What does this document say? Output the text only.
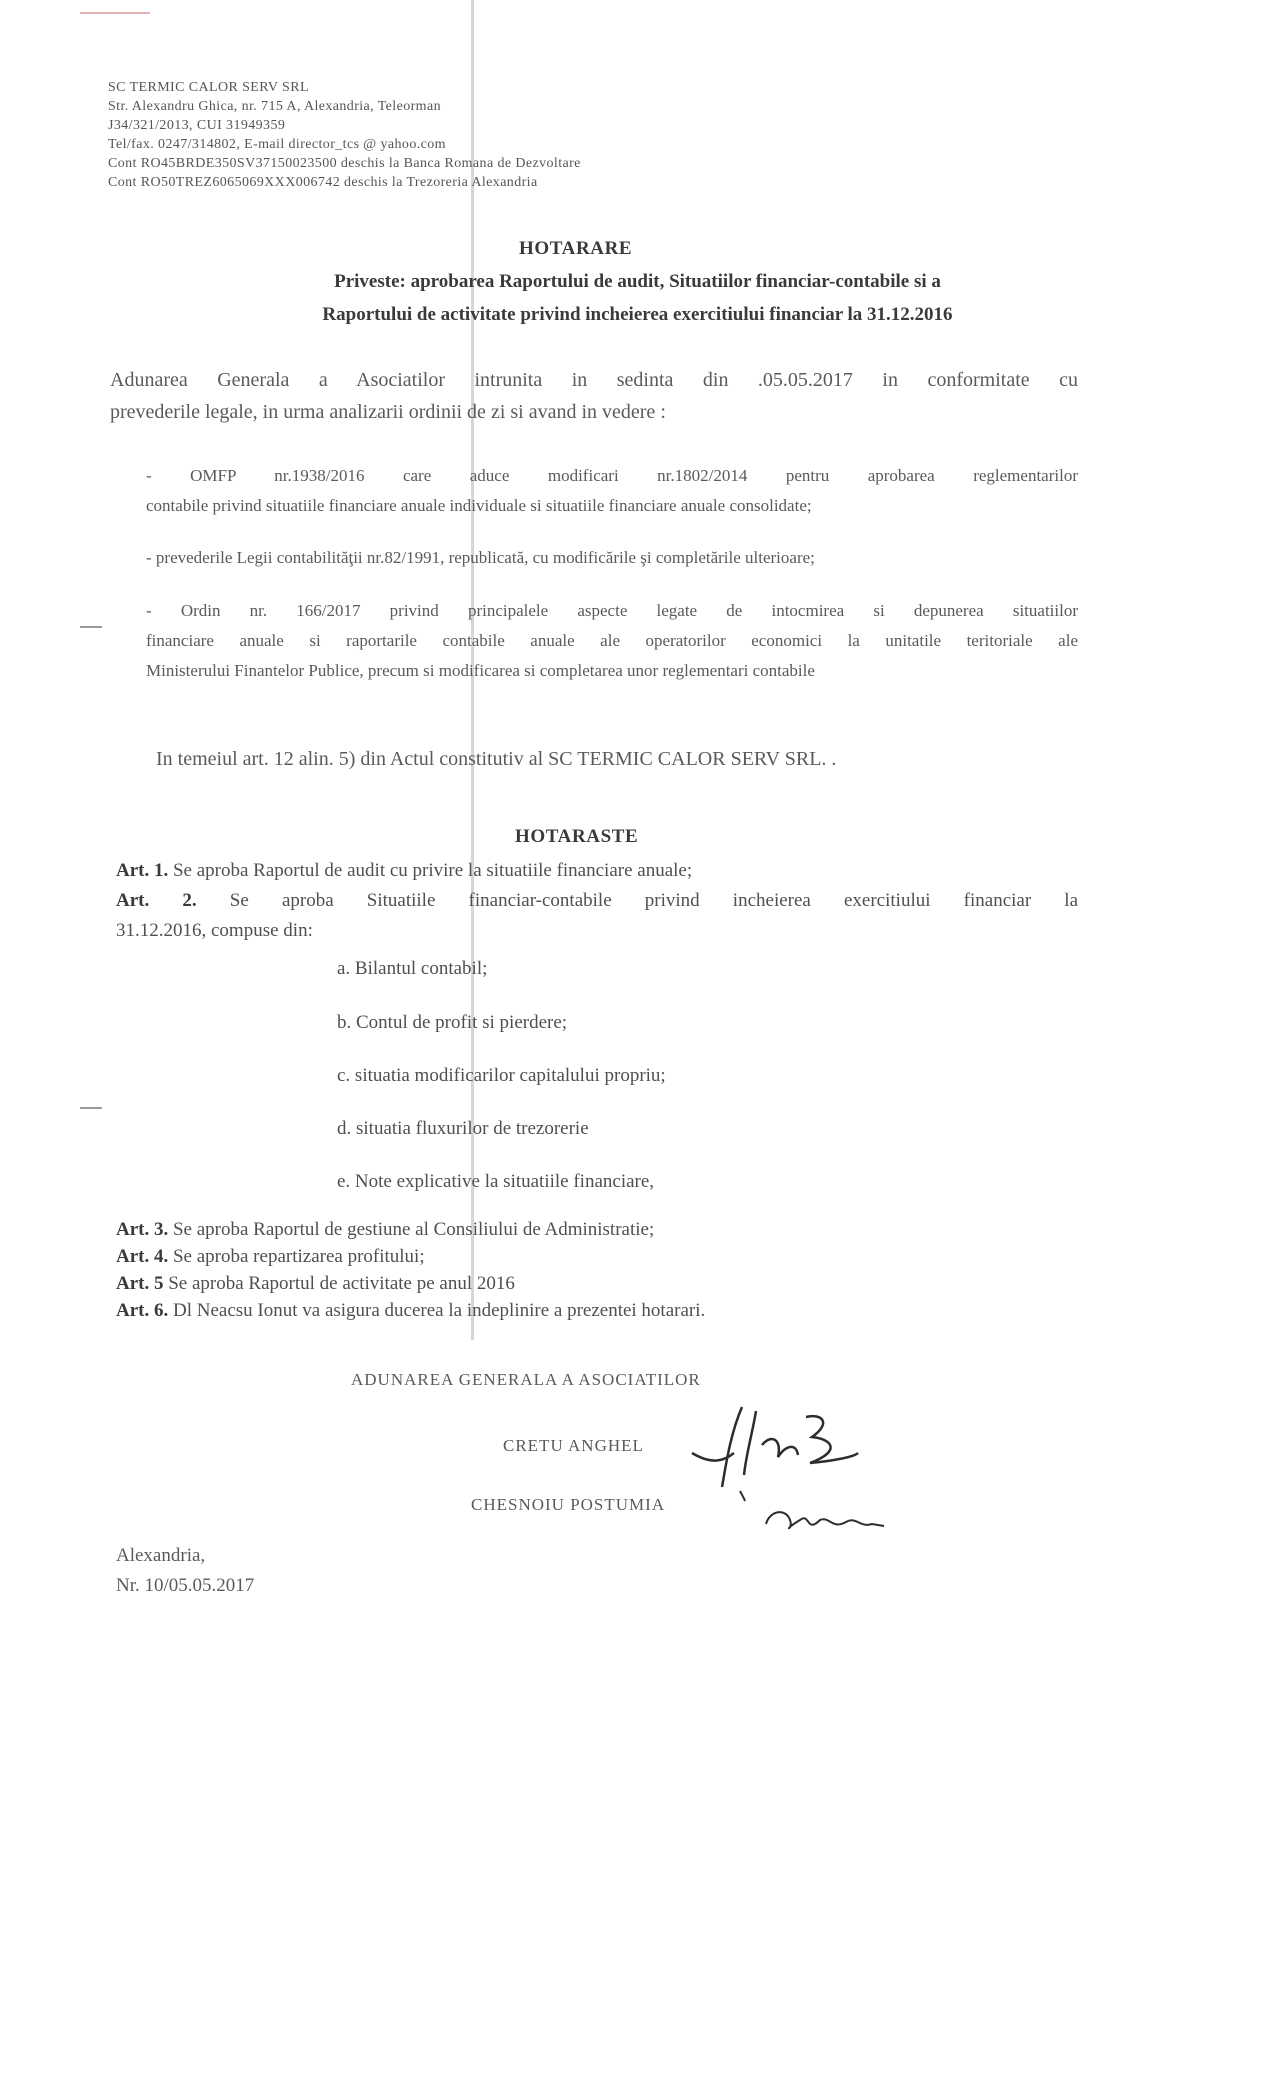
SC TERMIC CALOR SERV SRL
Str. Alexandru Ghica, nr. 715 A, Alexandria, Teleorman
J34/321/2013, CUI 31949359
Tel/fax. 0247/314802, E-mail director_tcs @ yahoo.com
Cont RO45BRDE350SV37150023500 deschis la Banca Romana de Dezvoltare
Cont RO50TREZ6065069XXX006742 deschis la Trezoreria Alexandria
HOTARARE
Priveste: aprobarea Raportului de audit, Situatiilor financiar-contabile si a
Raportului de activitate privind incheierea exercitiului financiar la 31.12.2016
Adunarea Generala a Asociatilor intrunita in sedinta din .05.05.2017 in conformitate cu
prevederile legale, in urma analizarii ordinii de zi si avand in vedere :
- OMFP nr.1938/2016 care aduce modificari nr.1802/2014 pentru aprobarea reglementarilor
contabile privind situatiile financiare anuale individuale si situatiile financiare anuale consolidate;
- prevederile Legii contabilităţii nr.82/1991, republicată, cu modificările şi completările ulterioare;
- Ordin nr. 166/2017 privind principalele aspecte legate de intocmirea si depunerea situatiilor
financiare anuale si raportarile contabile anuale ale operatorilor economici la unitatile teritoriale ale
Ministerului Finantelor Publice, precum si modificarea si completarea unor reglementari contabile
In temeiul art. 12 alin. 5) din Actul constitutiv al SC TERMIC CALOR SERV SRL. .
HOTARASTE
Art. 1. Se aproba Raportul de audit cu privire la situatiile financiare anuale;
Art. 2. Se aproba Situatiile financiar-contabile privind incheierea exercitiului financiar la
31.12.2016, compuse din:
a. Bilantul contabil;
b. Contul de profit si pierdere;
c. situatia modificarilor capitalului propriu;
d. situatia fluxurilor de trezorerie
e. Note explicative la situatiile financiare,
Art. 3. Se aproba Raportul de gestiune al Consiliului de Administratie;
Art. 4. Se aproba repartizarea profitului;
Art. 5 Se aproba Raportul de activitate pe anul 2016
Art. 6. Dl Neacsu Ionut va asigura ducerea la indeplinire a prezentei hotarari.
ADUNAREA GENERALA A ASOCIATILOR
CRETU ANGHEL
CHESNOIU POSTUMIA
Alexandria,
Nr. 10/05.05.2017
